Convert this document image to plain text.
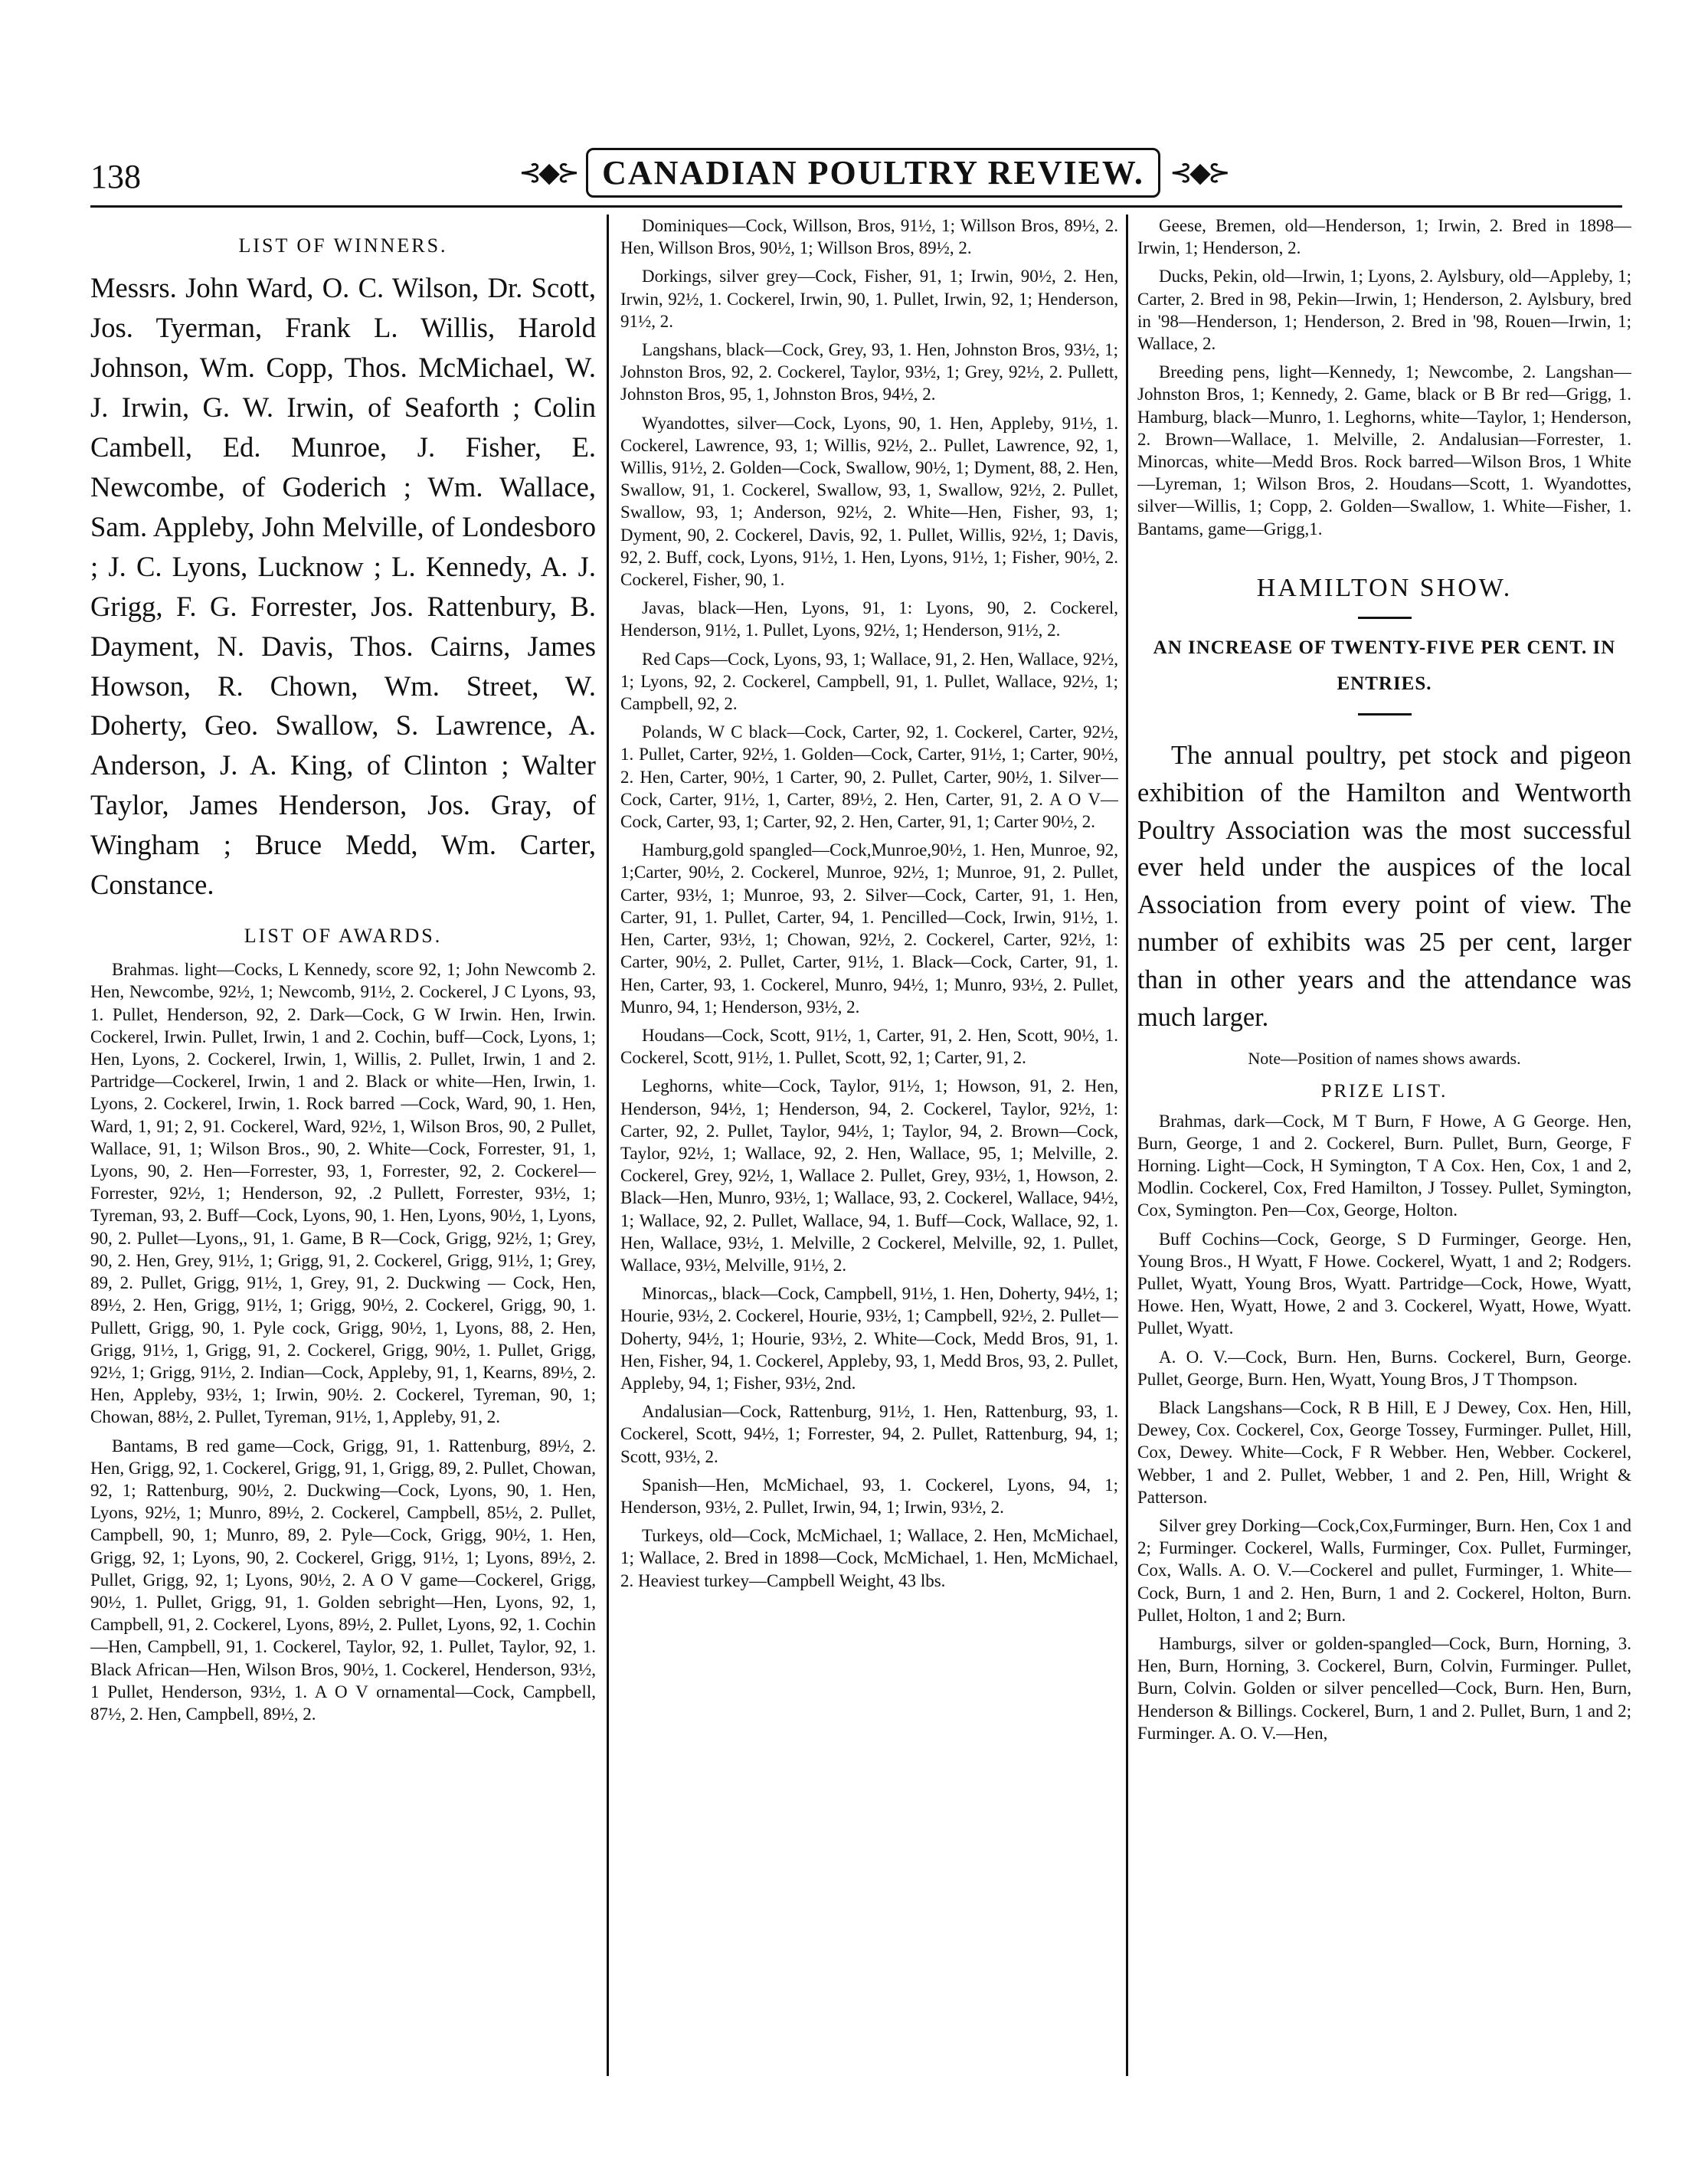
138	⊰◆⊱ CANADIAN POULTRY REVIEW. ⊰◆⊱
LIST OF WINNERS.

Messrs. John Ward, O. C. Wilson, Dr. Scott, Jos. Tyerman, Frank L. Willis, Harold Johnson, Wm. Copp, Thos. McMichael, W. J. Irwin, G. W. Irwin, of Seaforth ; Colin Cambell, Ed. Munroe, J. Fisher, E. Newcombe, of Goderich ; Wm. Wallace, Sam. Appleby, John Melville, of Londesboro ; J. C. Lyons, Lucknow ; L. Kennedy, A. J. Grigg, F. G. Forrester, Jos. Rattenbury, B. Dayment, N. Davis, Thos. Cairns, James Howson, R. Chown, Wm. Street, W. Doherty, Geo. Swallow, S. Lawrence, A. Anderson, J. A. King, of Clinton ; Walter Taylor, James Henderson, Jos. Gray, of Wingham ; Bruce Medd, Wm. Carter, Constance.

LIST OF AWARDS.

Brahmas. light—Cocks, L Kennedy, score 92, 1; John Newcomb 2. Hen, Newcombe, 92½, 1; Newcomb, 91½, 2. Cockerel, J C Lyons, 93, 1. Pullet, Henderson, 92, 2. Dark—Cock, G W Irwin. Hen, Irwin. Cockerel, Irwin. Pullet, Irwin, 1 and 2. Cochin, buff—Cock, Lyons, 1; Hen, Lyons, 2. Cockerel, Irwin, 1, Willis, 2. Pullet, Irwin, 1 and 2. Partridge—Cockerel, Irwin, 1 and 2. Black or white—Hen, Irwin, 1. Lyons, 2. Cockerel, Irwin, 1. Rock barred —Cock, Ward, 90, 1. Hen, Ward, 1, 91; 2, 91. Cockerel, Ward, 92½, 1, Wilson Bros, 90, 2 Pullet, Wallace, 91, 1; Wilson Bros., 90, 2. White—Cock, Forrester, 91, 1, Lyons, 90, 2. Hen—Forrester, 93, 1, Forrester, 92, 2. Cockerel—Forrester, 92½, 1; Henderson, 92, .2 Pullett, Forrester, 93½, 1; Tyreman, 93, 2. Buff—Cock, Lyons, 90, 1. Hen, Lyons, 90½, 1, Lyons, 90, 2. Pullet—Lyons,, 91, 1. Game, B R—Cock, Grigg, 92½, 1; Grey, 90, 2. Hen, Grey, 91½, 1; Grigg, 91, 2. Cockerel, Grigg, 91½, 1; Grey, 89, 2. Pullet, Grigg, 91½, 1, Grey, 91, 2. Duckwing — Cock, Hen, 89½, 2. Hen, Grigg, 91½, 1; Grigg, 90½, 2. Cockerel, Grigg, 90, 1. Pullett, Grigg, 90, 1. Pyle cock, Grigg, 90½, 1, Lyons, 88, 2. Hen, Grigg, 91½, 1, Grigg, 91, 2. Cockerel, Grigg, 90½, 1. Pullet, Grigg, 92½, 1; Grigg, 91½, 2. Indian—Cock, Appleby, 91, 1, Kearns, 89½, 2. Hen, Appleby, 93½, 1; Irwin, 90½. 2. Cockerel, Tyreman, 90, 1; Chowan, 88½, 2. Pullet, Tyreman, 91½, 1, Appleby, 91, 2.

Bantams, B red game—Cock, Grigg, 91, 1. Rattenburg, 89½, 2. Hen, Grigg, 92, 1. Cockerel, Grigg, 91, 1, Grigg, 89, 2. Pullet, Chowan, 92, 1; Rattenburg, 90½, 2. Duckwing—Cock, Lyons, 90, 1. Hen, Lyons, 92½, 1; Munro, 89½, 2. Cockerel, Campbell, 85½, 2. Pullet, Campbell, 90, 1; Munro, 89, 2. Pyle—Cock, Grigg, 90½, 1. Hen, Grigg, 92, 1; Lyons, 90, 2. Cockerel, Grigg, 91½, 1; Lyons, 89½, 2. Pullet, Grigg, 92, 1; Lyons, 90½, 2. A O V game—Cockerel, Grigg, 90½, 1. Pullet, Grigg, 91, 1. Golden sebright—Hen, Lyons, 92, 1, Campbell, 91, 2. Cockerel, Lyons, 89½, 2. Pullet, Lyons, 92, 1. Cochin—Hen, Campbell, 91, 1. Cockerel, Taylor, 92, 1. Pullet, Taylor, 92, 1. Black African—Hen, Wilson Bros, 90½, 1. Cockerel, Henderson, 93½, 1 Pullet, Henderson, 93½, 1. A O V ornamental—Cock, Campbell, 87½, 2. Hen, Campbell, 89½, 2.

Dominiques—Cock, Willson, Bros, 91½, 1; Willson Bros, 89½, 2. Hen, Willson Bros, 90½, 1; Willson Bros, 89½, 2.

Dorkings, silver grey—Cock, Fisher, 91, 1; Irwin, 90½, 2. Hen, Irwin, 92½, 1. Cockerel, Irwin, 90, 1. Pullet, Irwin, 92, 1; Henderson, 91½, 2.

Langshans, black—Cock, Grey, 93, 1. Hen, Johnston Bros, 93½, 1; Johnston Bros, 92, 2. Cockerel, Taylor, 93½, 1; Grey, 92½, 2. Pullett, Johnston Bros, 95, 1, Johnston Bros, 94½, 2.

Wyandottes, silver—Cock, Lyons, 90, 1. Hen, Appleby, 91½, 1. Cockerel, Lawrence, 93, 1; Willis, 92½, 2.. Pullet, Lawrence, 92, 1, Willis, 91½, 2. Golden—Cock, Swallow, 90½, 1; Dyment, 88, 2. Hen, Swallow, 91, 1. Cockerel, Swallow, 93, 1, Swallow, 92½, 2. Pullet, Swallow, 93, 1; Anderson, 92½, 2. White—Hen, Fisher, 93, 1; Dyment, 90, 2. Cockerel, Davis, 92, 1. Pullet, Willis, 92½, 1; Davis, 92, 2. Buff, cock, Lyons, 91½, 1. Hen, Lyons, 91½, 1; Fisher, 90½, 2. Cockerel, Fisher, 90, 1.

Javas, black—Hen, Lyons, 91, 1: Lyons, 90, 2. Cockerel, Henderson, 91½, 1. Pullet, Lyons, 92½, 1; Henderson, 91½, 2.

Red Caps—Cock, Lyons, 93, 1; Wallace, 91, 2. Hen, Wallace, 92½, 1; Lyons, 92, 2. Cockerel, Campbell, 91, 1. Pullet, Wallace, 92½, 1; Campbell, 92, 2.

Polands, W C black—Cock, Carter, 92, 1. Cockerel, Carter, 92½, 1. Pullet, Carter, 92½, 1. Golden—Cock, Carter, 91½, 1; Carter, 90½, 2. Hen, Carter, 90½, 1 Carter, 90, 2. Pullet, Carter, 90½, 1. Silver—Cock, Carter, 91½, 1, Carter, 89½, 2. Hen, Carter, 91, 2. A O V—Cock, Carter, 93, 1; Carter, 92, 2. Hen, Carter, 91, 1; Carter 90½, 2.

Hamburg,gold spangled—Cock,Munroe,90½, 1. Hen, Munroe, 92, 1;Carter, 90½, 2. Cockerel, Munroe, 92½, 1; Munroe, 91, 2. Pullet, Carter, 93½, 1; Munroe, 93, 2. Silver—Cock, Carter, 91, 1. Hen, Carter, 91, 1. Pullet, Carter, 94, 1. Pencilled—Cock, Irwin, 91½, 1. Hen, Carter, 93½, 1; Chowan, 92½, 2. Cockerel, Carter, 92½, 1: Carter, 90½, 2. Pullet, Carter, 91½, 1. Black—Cock, Carter, 91, 1. Hen, Carter, 93, 1. Cockerel, Munro, 94½, 1; Munro, 93½, 2. Pullet, Munro, 94, 1; Henderson, 93½, 2.

Houdans—Cock, Scott, 91½, 1, Carter, 91, 2. Hen, Scott, 90½, 1. Cockerel, Scott, 91½, 1. Pullet, Scott, 92, 1; Carter, 91, 2.

Leghorns, white—Cock, Taylor, 91½, 1; Howson, 91, 2. Hen, Henderson, 94½, 1; Henderson, 94, 2. Cockerel, Taylor, 92½, 1: Carter, 92, 2. Pullet, Taylor, 94½, 1; Taylor, 94, 2. Brown—Cock, Taylor, 92½, 1; Wallace, 92, 2. Hen, Wallace, 95, 1; Melville, 2. Cockerel, Grey, 92½, 1, Wallace 2. Pullet, Grey, 93½, 1, Howson, 2. Black—Hen, Munro, 93½, 1; Wallace, 93, 2. Cockerel, Wallace, 94½, 1; Wallace, 92, 2. Pullet, Wallace, 94, 1. Buff—Cock, Wallace, 92, 1. Hen, Wallace, 93½, 1. Melville, 2 Cockerel, Melville, 92, 1. Pullet, Wallace, 93½, Melville, 91½, 2.

Minorcas,, black—Cock, Campbell, 91½, 1. Hen, Doherty, 94½, 1; Hourie, 93½, 2. Cockerel, Hourie, 93½, 1; Campbell, 92½, 2. Pullet—Doherty, 94½, 1; Hourie, 93½, 2. White—Cock, Medd Bros, 91, 1. Hen, Fisher, 94, 1. Cockerel, Appleby, 93, 1, Medd Bros, 93, 2. Pullet, Appleby, 94, 1; Fisher, 93½, 2nd.

Andalusian—Cock, Rattenburg, 91½, 1. Hen, Rattenburg, 93, 1. Cockerel, Scott, 94½, 1; Forrester, 94, 2. Pullet, Rattenburg, 94, 1; Scott, 93½, 2.

Spanish—Hen, McMichael, 93, 1. Cockerel, Lyons, 94, 1; Henderson, 93½, 2. Pullet, Irwin, 94, 1; Irwin, 93½, 2.

Turkeys, old—Cock, McMichael, 1; Wallace, 2. Hen, McMichael, 1; Wallace, 2. Bred in 1898—Cock, McMichael, 1. Hen, McMichael, 2. Heaviest turkey—Campbell Weight, 43 lbs.

Geese, Bremen, old—Henderson, 1; Irwin, 2. Bred in 1898—Irwin, 1; Henderson, 2.

Ducks, Pekin, old—Irwin, 1; Lyons, 2. Aylsbury, old—Appleby, 1; Carter, 2. Bred in 98, Pekin—Irwin, 1; Henderson, 2. Aylsbury, bred in '98—Henderson, 1; Henderson, 2. Bred in '98, Rouen—Irwin, 1; Wallace, 2.

Breeding pens, light—Kennedy, 1; Newcombe, 2. Langshan—Johnston Bros, 1; Kennedy, 2. Game, black or B Br red—Grigg, 1. Hamburg, black—Munro, 1. Leghorns, white—Taylor, 1; Henderson, 2. Brown—Wallace, 1. Melville, 2. Andalusian—Forrester, 1. Minorcas, white—Medd Bros. Rock barred—Wilson Bros, 1 White—Lyreman, 1; Wilson Bros, 2. Houdans—Scott, 1. Wyandottes, silver—Willis, 1; Copp, 2. Golden—Swallow, 1. White—Fisher, 1. Bantams, game—Grigg,1.

HAMILTON SHOW.
AN INCREASE OF TWENTY-FIVE PER CENT. IN ENTRIES.

The annual poultry, pet stock and pigeon exhibition of the Hamilton and Wentworth Poultry Association was the most successful ever held under the auspices of the local Association from every point of view. The number of exhibits was 25 per cent, larger than in other years and the attendance was much larger.

Note—Position of names shows awards.
PRIZE LIST.

Brahmas, dark—Cock, M T Burn, F Howe, A G George. Hen, Burn, George, 1 and 2. Cockerel, Burn. Pullet, Burn, George, F Horning. Light—Cock, H Symington, T A Cox. Hen, Cox, 1 and 2, Modlin. Cockerel, Cox, Fred Hamilton, J Tossey. Pullet, Symington, Cox, Symington. Pen—Cox, George, Holton.

Buff Cochins—Cock, George, S D Furminger, George. Hen, Young Bros., H Wyatt, F Howe. Cockerel, Wyatt, 1 and 2; Rodgers. Pullet, Wyatt, Young Bros, Wyatt. Partridge—Cock, Howe, Wyatt, Howe. Hen, Wyatt, Howe, 2 and 3. Cockerel, Wyatt, Howe, Wyatt. Pullet, Wyatt.

A. O. V.—Cock, Burn. Hen, Burns. Cockerel, Burn, George. Pullet, George, Burn. Hen, Wyatt, Young Bros, J T Thompson.

Black Langshans—Cock, R B Hill, E J Dewey, Cox. Hen, Hill, Dewey, Cox. Cockerel, Cox, George Tossey, Furminger. Pullet, Hill, Cox, Dewey. White—Cock, F R Webber. Hen, Webber. Cockerel, Webber, 1 and 2. Pullet, Webber, 1 and 2. Pen, Hill, Wright & Patterson.

Silver grey Dorking—Cock,Cox,Furminger, Burn. Hen, Cox 1 and 2; Furminger. Cockerel, Walls, Furminger, Cox. Pullet, Furminger, Cox, Walls. A. O. V.—Cockerel and pullet, Furminger, 1. White—Cock, Burn, 1 and 2. Hen, Burn, 1 and 2. Cockerel, Holton, Burn. Pullet, Holton, 1 and 2; Burn.

Hamburgs, silver or golden-spangled—Cock, Burn, Horning, 3. Hen, Burn, Horning, 3. Cockerel, Burn, Colvin, Furminger. Pullet, Burn, Colvin. Golden or silver pencelled—Cock, Burn. Hen, Burn, Henderson & Billings. Cockerel, Burn, 1 and 2. Pullet, Burn, 1 and 2; Furminger. A. O. V.—Hen,
